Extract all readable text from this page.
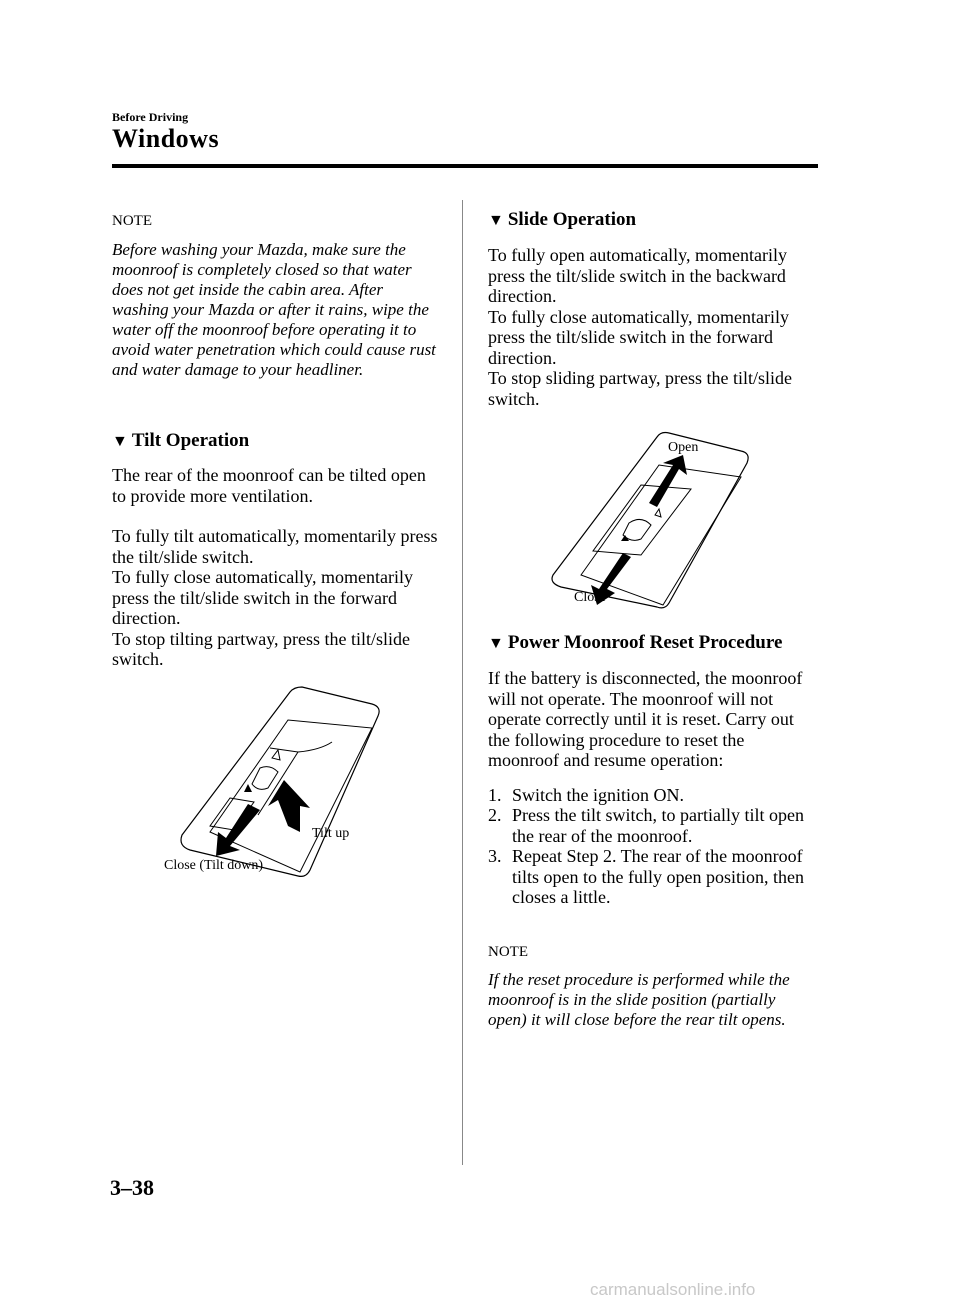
Before Driving
Windows
NOTE

Before washing your Mazda, make sure the moonroof is completely closed so that water does not get inside the cabin area. After washing your Mazda or after it rains, wipe the water off the moonroof before operating it to avoid water penetration which could cause rust and water damage to your headliner.

▼ Tilt Operation

The rear of the moonroof can be tilted open to provide more ventilation.

To fully tilt automatically, momentarily press the tilt/slide switch.

To fully close automatically, momentarily press the tilt/slide switch in the forward direction.

To stop tilting partway, press the tilt/slide switch.

Tilt up
Close (Tilt down)
▼ Slide Operation

To fully open automatically, momentarily press the tilt/slide switch in the backward direction.

To fully close automatically, momentarily press the tilt/slide switch in the forward direction.

To stop sliding partway, press the tilt/slide switch.

Open
Close
▼ Power Moonroof Reset Procedure

If the battery is disconnected, the moonroof will not operate. The moonroof will not operate correctly until it is reset. Carry out the following procedure to reset the moonroof and resume operation:

1. Switch the ignition ON.
2. Press the tilt switch, to partially tilt open the rear of the moonroof.
3. Repeat Step 2. The rear of the moonroof tilts open to the fully open position, then closes a little.
NOTE

If the reset procedure is performed while the moonroof is in the slide position (partially open) it will close before the rear tilt opens.

3–38
carmanualsonline.info
